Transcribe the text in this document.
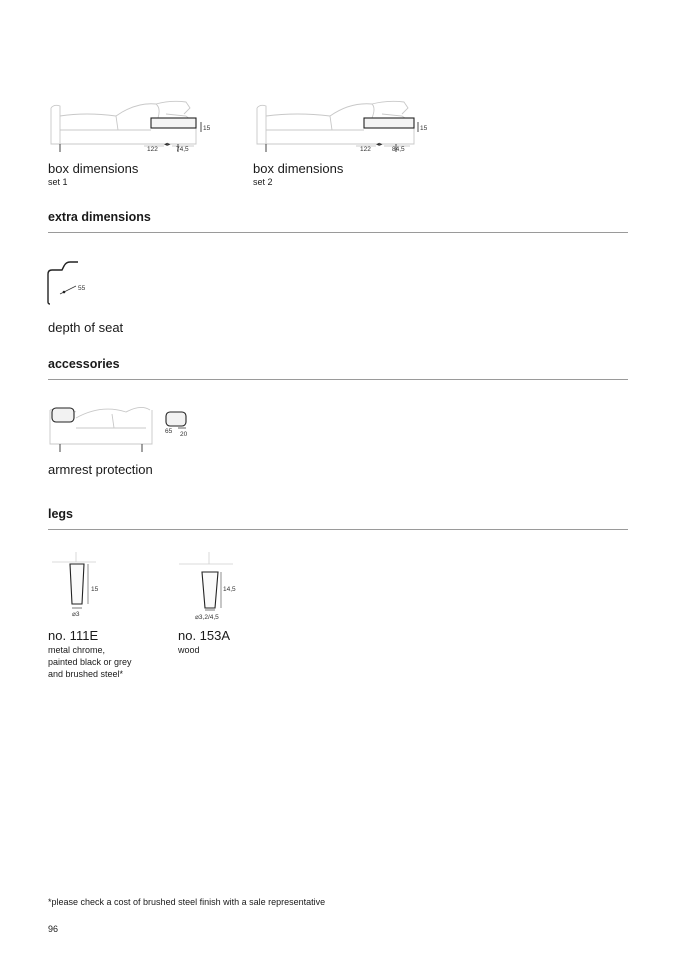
15
122
◂▸
74,5
box dimensions
set 1
15
122
◂▸
84,5
box dimensions
set 2
extra dimensions
55
depth of seat
accessories
65 20
armrest protection
legs
15
⌀3
14,5
⌀3,2/4,5
no. 111E
metal chrome,
painted black or grey
and brushed steel*
no. 153A
wood
*please check a cost of brushed steel finish with a sale representative
96
